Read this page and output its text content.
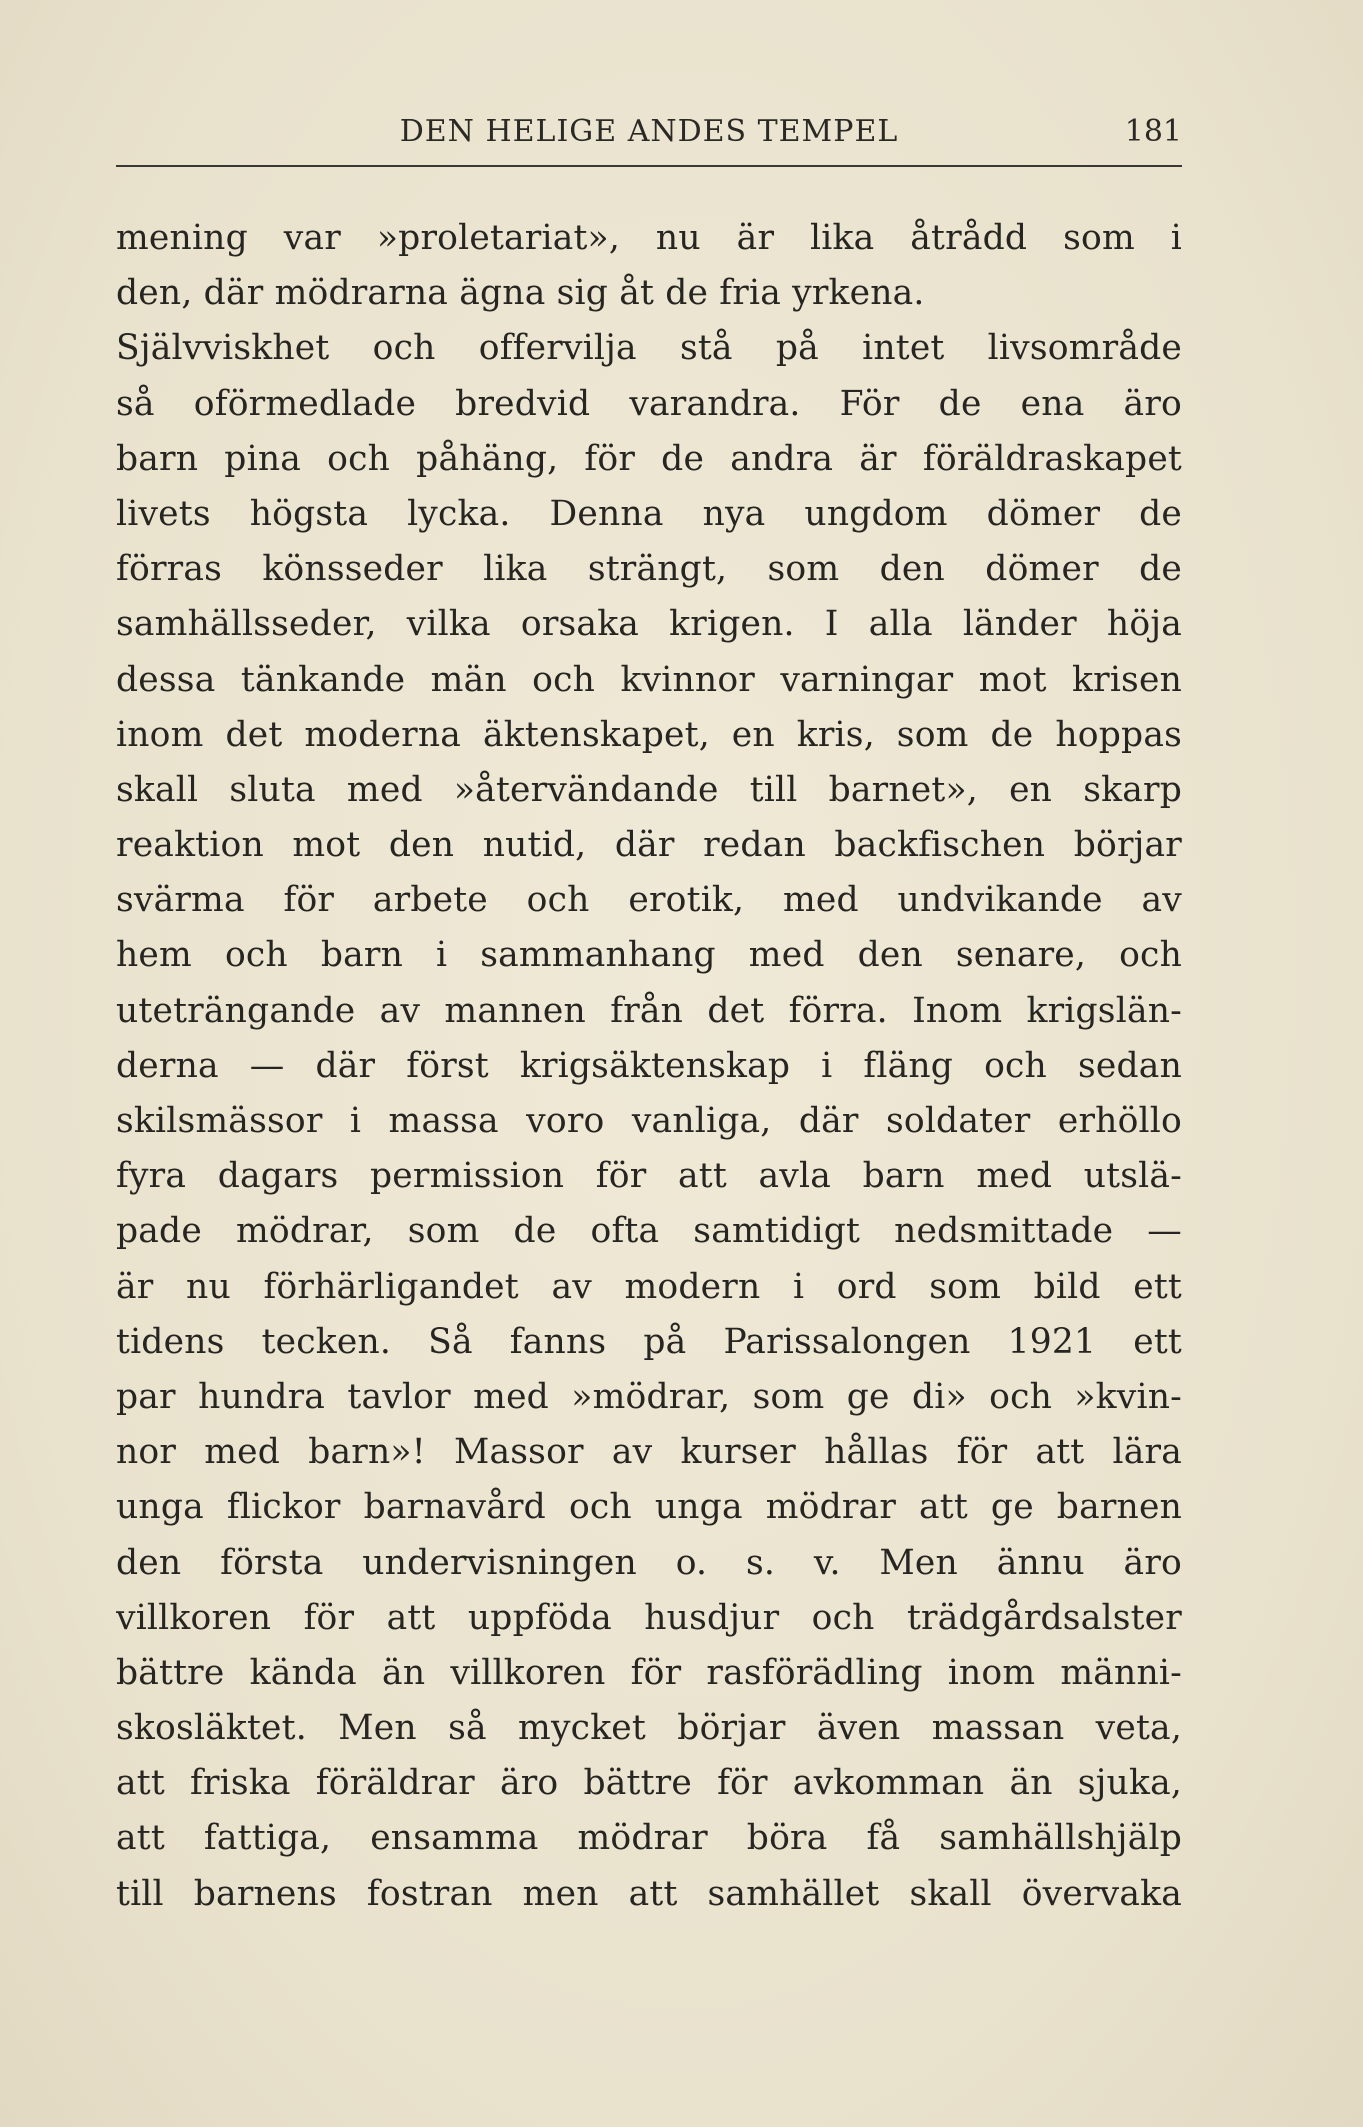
DEN HELIGE ANDES TEMPEL	181
mening var »proletariat», nu är lika åtrådd som i
den, där mödrarna ägna sig åt de fria yrkena.
Självviskhet och offervilja stå på intet livsområde
så oförmedlade bredvid varandra. För de ena äro
barn pina och påhäng, för de andra är föräldraskapet
livets högsta lycka. Denna nya ungdom dömer de
förras könsseder lika strängt, som den dömer de
samhällsseder, vilka orsaka krigen. I alla länder höja
dessa tänkande män och kvinnor varningar mot krisen
inom det moderna äktenskapet, en kris, som de hoppas
skall sluta med »återvändande till barnet», en skarp
reaktion mot den nutid, där redan backfischen börjar
svärma för arbete och erotik, med undvikande av
hem och barn i sammanhang med den senare, och
uteträngande av mannen från det förra. Inom krigslän-
derna — där först krigsäktenskap i fläng och sedan
skilsmässor i massa voro vanliga, där soldater erhöllo
fyra dagars permission för att avla barn med utslä-
pade mödrar, som de ofta samtidigt nedsmittade —
är nu förhärligandet av modern i ord som bild ett
tidens tecken. Så fanns på Parissalongen 1921 ett
par hundra tavlor med »mödrar, som ge di» och »kvin-
nor med barn»! Massor av kurser hållas för att lära
unga flickor barnavård och unga mödrar att ge barnen
den första undervisningen o. s. v. Men ännu äro
villkoren för att uppföda husdjur och trädgårdsalster
bättre kända än villkoren för rasförädling inom männi-
skosläktet. Men så mycket börjar även massan veta,
att friska föräldrar äro bättre för avkomman än sjuka,
att fattiga, ensamma mödrar böra få samhällshjälp
till barnens fostran men att samhället skall övervaka
